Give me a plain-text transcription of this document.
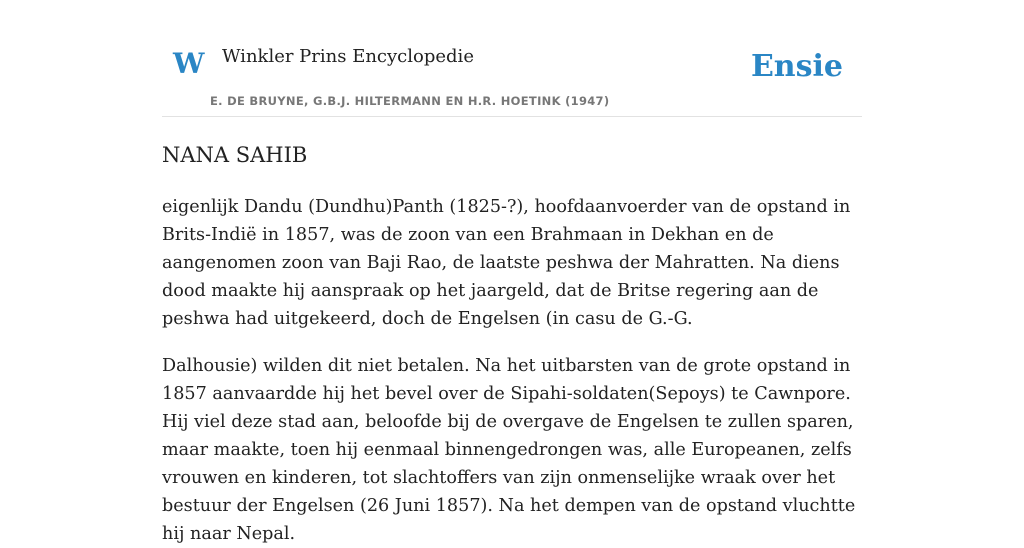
W Winkler Prins Encyclopedie
E. DE BRUYNE, G.B.J. HILTERMANN EN H.R. HOETINK (1947)
Ensie
NANA SAHIB

eigenlijk Dandu (Dundhu)Panth (1825-?), hoofdaanvoerder van de opstand in Brits-Indië in 1857, was de zoon van een Brahmaan in Dekhan en de aangenomen zoon van Baji Rao, de laatste peshwa der Mahratten. Na diens dood maakte hij aanspraak op het jaargeld, dat de Britse regering aan de peshwa had uitgekeerd, doch de Engelsen (in casu de G.-G.

Dalhousie) wilden dit niet betalen. Na het uitbarsten van de grote opstand in 1857 aanvaardde hij het bevel over de Sipahi-soldaten(Sepoys) te Cawnpore. Hij viel deze stad aan, beloofde bij de overgave de Engelsen te zullen sparen, maar maakte, toen hij eenmaal binnengedrongen was, alle Europeanen, zelfs vrouwen en kinderen, tot slachtoffers van zijn onmenselijke wraak over het bestuur der Engelsen (26 Juni 1857). Na het dempen van de opstand vluchtte hij naar Nepal.
